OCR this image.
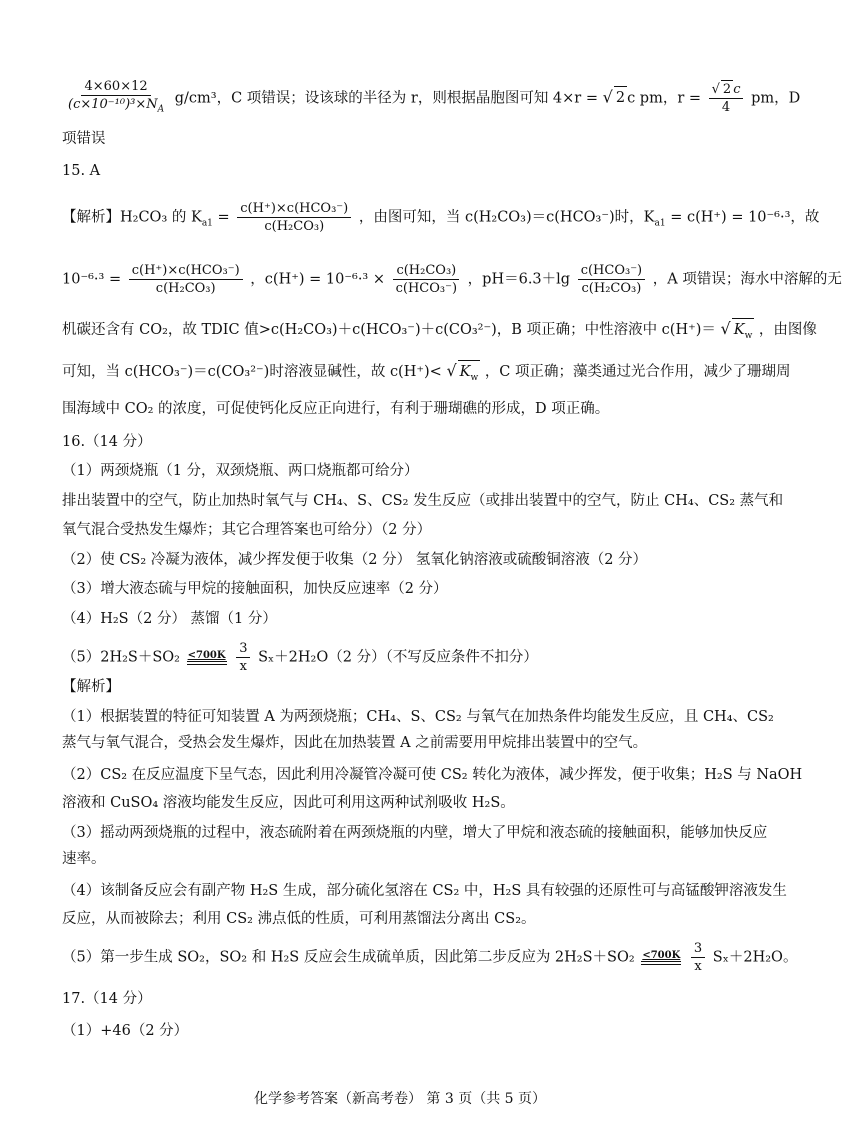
$\frac{4\times 60\times 12}{(c\times 10^{-10})^3\times N_A} g/cm^3$，C 项错误；设该球的半径为 r，则根据晶胞图可知 4×r = √ 2 c pm，$r = \frac{√ 2 c}{4}$ pm，D
项错误
15. A
【解析】H₂CO₃ 的 $K_{a1} = \frac{\text{c(H⁺)×c(HCO₃⁻)}}{\text{c(H₂CO₃)}}$ ，由图可知，当 c(H₂CO₃)＝c(HCO₃⁻)时，$K_{a1} = c(H^+) = 10^{-6}\cdot^3$，故
$10^{-6}\cdot^3 = \frac{\text{c(H⁺)×c(HCO₃⁻)}}{\text{c(H₂CO₃)}}$ ，$c(H^+) = 10^{-6}\cdot^3 \times \frac{\text{c(H₂CO₃)}}{\text{c(HCO₃⁻)}}$ ，$pH=6.3+\lg \frac{\text{c(HCO₃⁻)}}{\text{c(H₂CO₃)}}$ ，A 项错误；海水中溶解的无
机碳还含有 CO₂，故 TDIC 值>c(H₂CO₃)＋c(HCO₃⁻)＋c(CO₃²⁻)，B 项正确；中性溶液中 c(H⁺)＝ √ $K_w$ ，由图像
可知，当 c(HCO₃⁻)＝c(CO₃²⁻)时溶液显碱性，故 c(H⁺)< √ $K_w$ ，C 项正确；藻类通过光合作用，减少了珊瑚周
围海域中 CO₂ 的浓度，可促使钙化反应正向进行，有利于珊瑚礁的形成，D 项正确。
16.（14 分）
（1）两颈烧瓶（1 分，双颈烧瓶、两口烧瓶都可给分）
排出装置中的空气，防止加热时氧气与 CH₄、S、CS₂ 发生反应（或排出装置中的空气，防止 CH₄、CS₂ 蒸气和
氧气混合受热发生爆炸；其它合理答案也可给分）（2 分）
（2）使 CS₂ 冷凝为液体，减少挥发便于收集（2 分） 氢氧化钠溶液或硫酸铜溶液（2 分）
（3）增大液态硫与甲烷的接触面积，加快反应速率（2 分）
（4）H₂S（2 分） 蒸馏（1 分）
（5）2H₂S＋SO₂ <700K
$\frac{3}{x} S_x+2H_2O(2$ 分）（不写反应条件不扣分）
【解析】
（1）根据装置的特征可知装置 A 为两颈烧瓶；CH₄、S、CS₂ 与氧气在加热条件均能发生反应，且 CH₄、CS₂
蒸气与氧气混合，受热会发生爆炸，因此在加热装置 A 之前需要用甲烷排出装置中的空气。
（2）CS₂ 在反应温度下呈气态，因此利用冷凝管冷凝可使 CS₂ 转化为液体，减少挥发，便于收集；H₂S 与 NaOH
溶液和 CuSO₄ 溶液均能发生反应，因此可利用这两种试剂吸收 H₂S。
（3）摇动两颈烧瓶的过程中，液态硫附着在两颈烧瓶的内壁，增大了甲烷和液态硫的接触面积，能够加快反应
速率。
（4）该制备反应会有副产物 H₂S 生成，部分硫化氢溶在 CS₂ 中，H₂S 具有较强的还原性可与高锰酸钾溶液发生
反应，从而被除去；利用 CS₂ 沸点低的性质，可利用蒸馏法分离出 CS₂。
（5）第一步生成 SO₂，SO₂ 和 H₂S 反应会生成硫单质，因此第二步反应为 2H₂S＋SO₂ <700K
$\frac{3}{x} S_x+2H_2O$。
17.（14 分）
（1）+46（2 分）
化学参考答案（新高考卷） 第 3 页（共 5 页）
